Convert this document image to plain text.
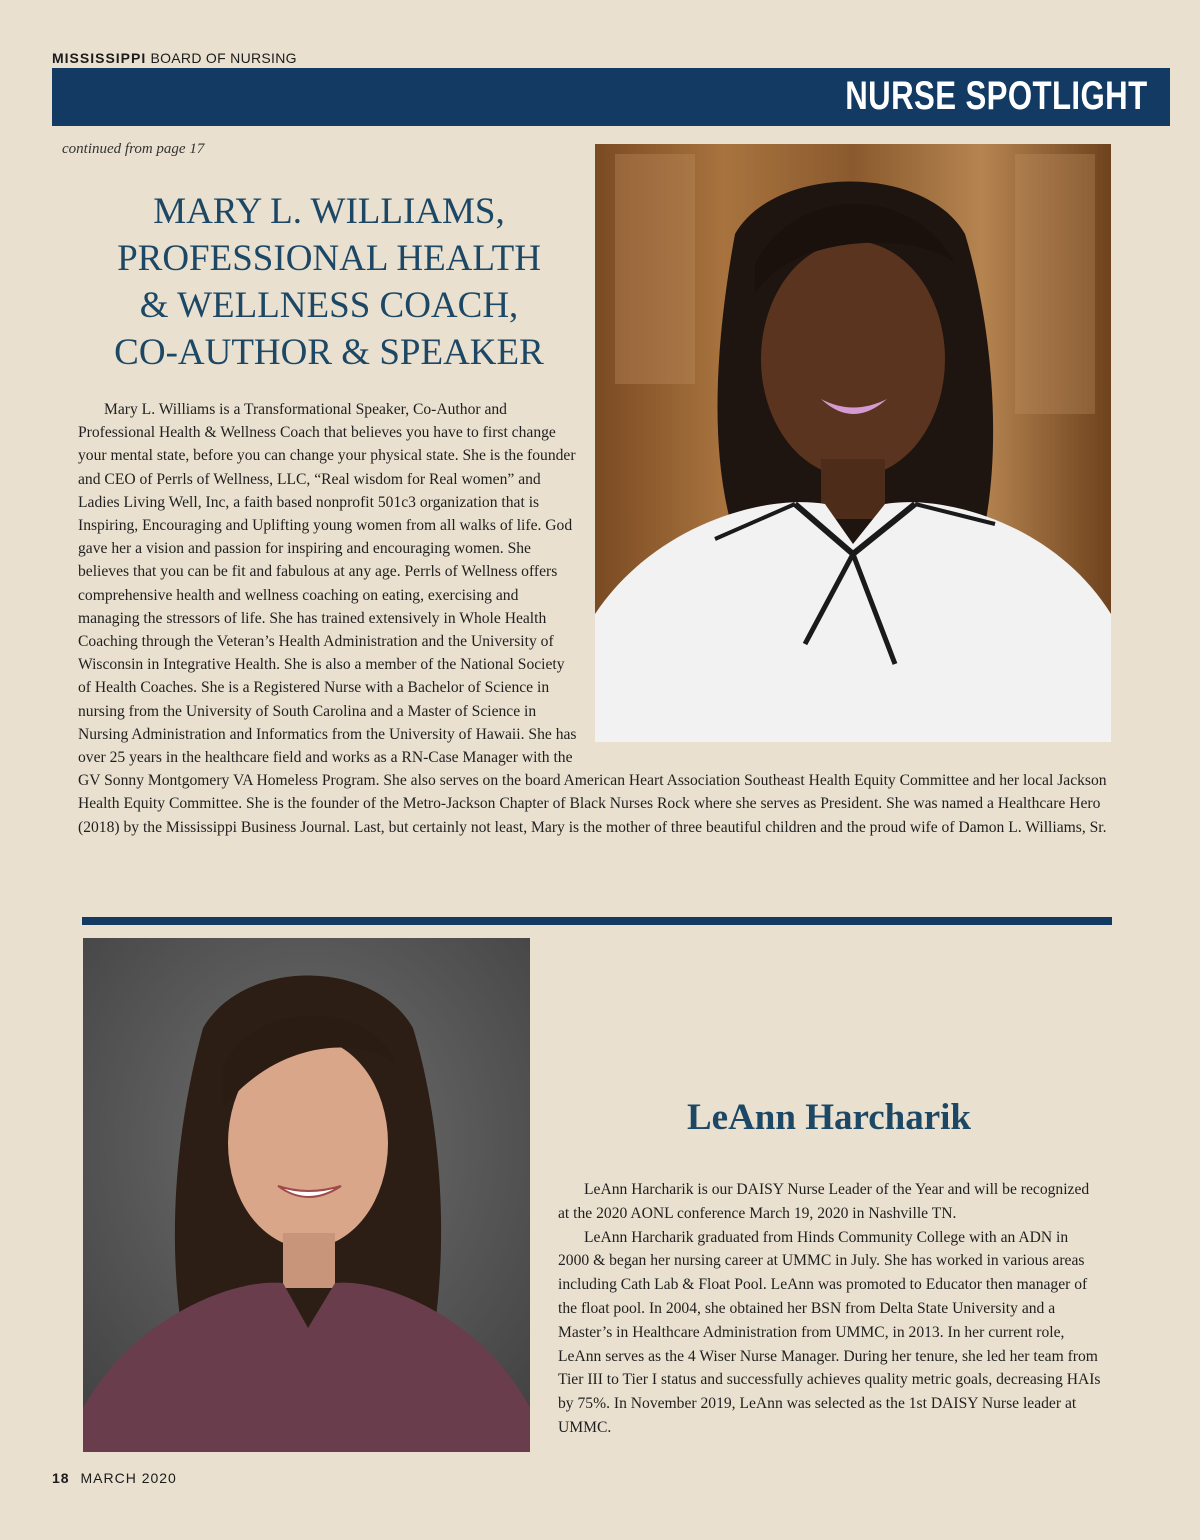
MISSISSIPPI BOARD OF NURSING
NURSE SPOTLIGHT
continued from page 17
MARY L. WILLIAMS,
PROFESSIONAL HEALTH
& WELLNESS COACH,
CO-AUTHOR & SPEAKER

Mary L. Williams is a Transformational Speaker, Co-Author and Professional Health & Wellness Coach that believes you have to first change your mental state, before you can change your physical state. She is the founder and CEO of Perrls of Wellness, LLC, “Real wisdom for Real women” and Ladies Living Well, Inc, a faith based nonprofit 501c3 organization that is Inspiring, Encouraging and Uplifting young women from all walks of life. God gave her a vision and passion for inspiring and encouraging women. She believes that you can be fit and fabulous at any age. Perrls of Wellness offers comprehensive health and wellness coaching on eating, exercising and managing the stressors of life. She has trained extensively in Whole Health Coaching through the Veteran’s Health Administration and the University of Wisconsin in Integrative Health. She is also a member of the National Society of Health Coaches. She is a Registered Nurse with a Bachelor of Science in nursing from the University of South Carolina and a Master of Science in Nursing Administration and Informatics from the University of Hawaii. She has over 25 years in the healthcare field and works as a RN-Case Manager with the GV Sonny Montgomery VA Homeless Program. She also serves on the board American Heart Association Southeast Health Equity Committee and her local Jackson Health Equity Committee. She is the founder of the Metro-Jackson Chapter of Black Nurses Rock where she serves as President. She was named a Healthcare Hero (2018) by the Mississippi Business Journal. Last, but certainly not least, Mary is the mother of three beautiful children and the proud wife of Damon L. Williams, Sr.

LeAnn Harcharik

LeAnn Harcharik is our DAISY Nurse Leader of the Year and will be recognized at the 2020 AONL conference March 19, 2020 in Nashville TN.

LeAnn Harcharik graduated from Hinds Community College with an ADN in 2000 & began her nursing career at UMMC in July. She has worked in various areas including Cath Lab & Float Pool. LeAnn was promoted to Educator then manager of the float pool. In 2004, she obtained her BSN from Delta State University and a Master’s in Healthcare Administration from UMMC, in 2013. In her current role, LeAnn serves as the 4 Wiser Nurse Manager. During her tenure, she led her team from Tier III to Tier I status and successfully achieves quality metric goals, decreasing HAIs by 75%. In November 2019, LeAnn was selected as the 1st DAISY Nurse leader at UMMC.

18 MARCH 2020
